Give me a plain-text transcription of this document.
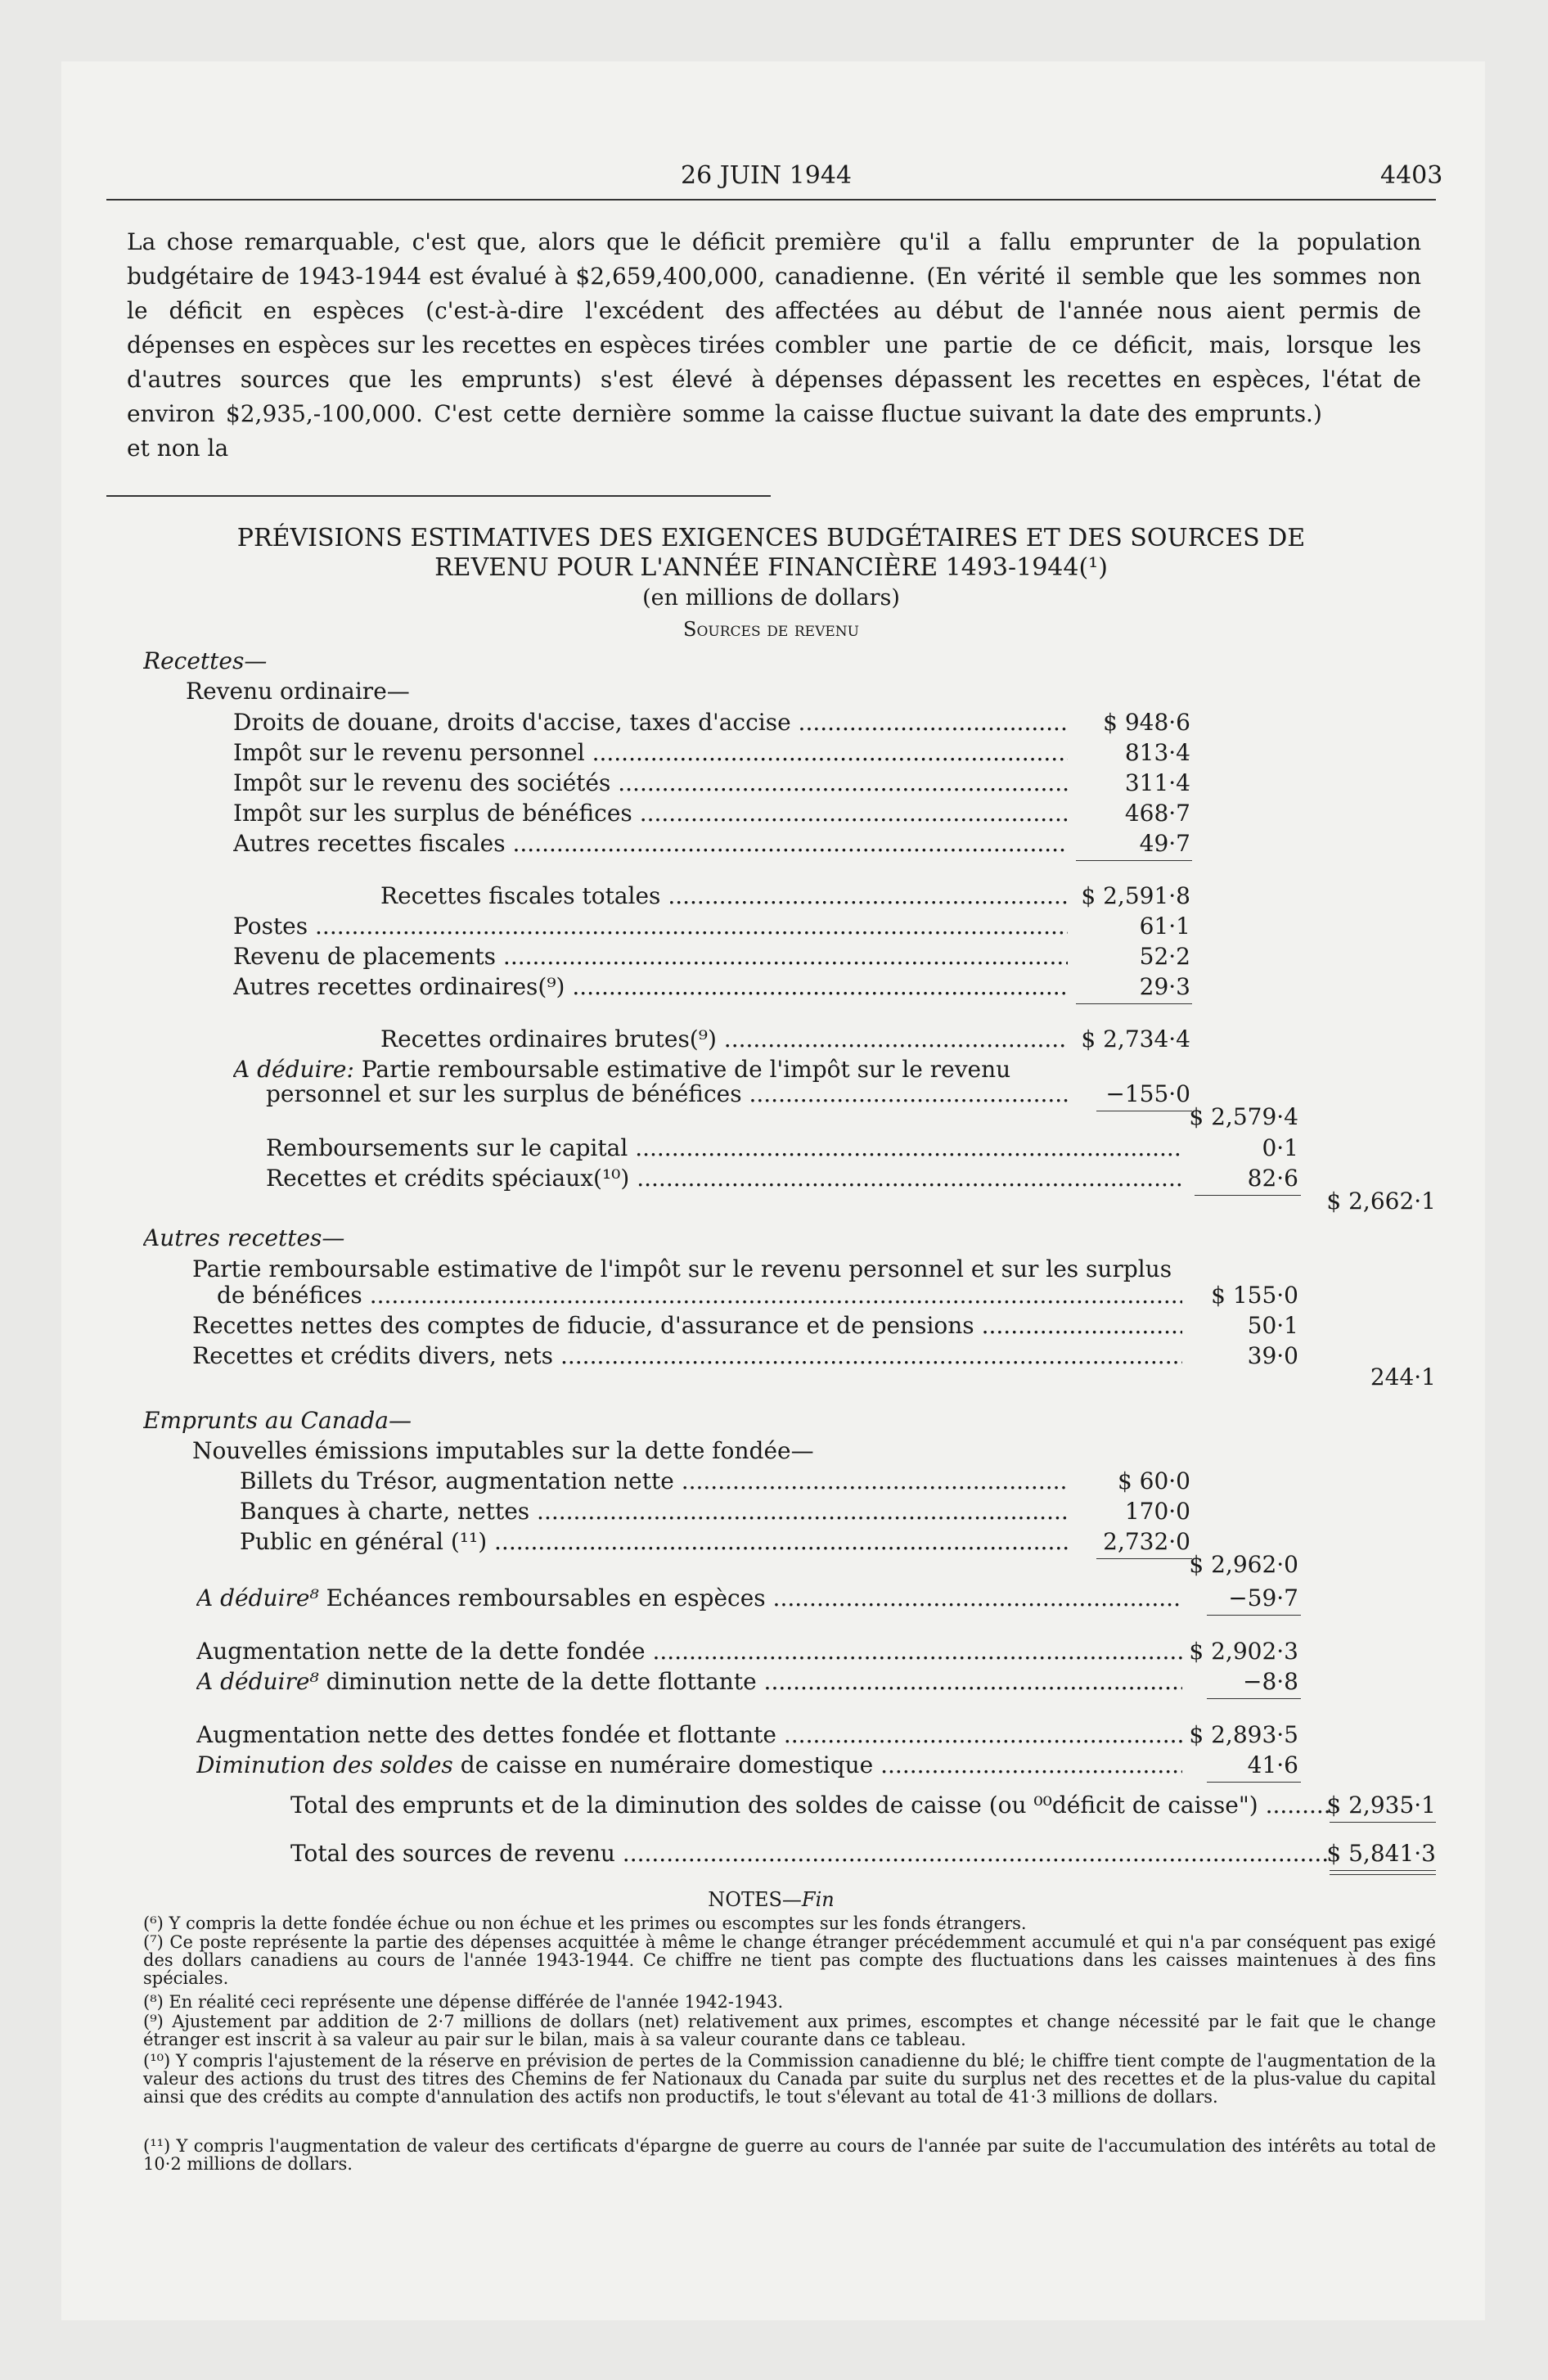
26 JUIN 1944	4403
La chose remarquable, c'est que, alors que le déficit budgétaire de 1943-1944 est évalué à $2,659,400,000, le déficit en espèces (c'est-à-dire l'excédent des dépenses en espèces sur les recettes en espèces tirées d'autres sources que les emprunts) s'est élevé à environ $2,935,-100,000. C'est cette dernière somme et non la
première qu'il a fallu emprunter de la population canadienne. (En vérité il semble que les sommes non affectées au début de l'année nous aient permis de combler une partie de ce déficit, mais, lorsque les dépenses dépassent les recettes en espèces, l'état de la caisse fluctue suivant la date des emprunts.)
PRÉVISIONS ESTIMATIVES DES EXIGENCES BUDGÉTAIRES ET DES SOURCES DE
REVENU POUR L'ANNÉE FINANCIÈRE 1493-1944(¹)
(en millions de dollars)
Sources de revenu
Recettes—
Revenu ordinaire—
Droits de douane, droits d'accise, taxes d'accise .....	$ 948·6
Impôt sur le revenu personnel .....	813·4
Impôt sur le revenu des sociétés .....	311·4
Impôt sur les surplus de bénéfices .....	468·7
Autres recettes fiscales .....	49·7
Recettes fiscales totales .....	$ 2,591·8
Postes .....	61·1
Revenu de placements .....	52·2
Autres recettes ordinaires(⁹) .....	29·3
Recettes ordinaires brutes(⁹) .....	$ 2,734·4
A déduire: Partie remboursable estimative de l'impôt sur le revenu
personnel et sur les surplus de bénéfices .....	−155·0
$ 2,579·4
Remboursements sur le capital .....	0·1
Recettes et crédits spéciaux(¹⁰) .....	82·6
$ 2,662·1
Autres recettes—
Partie remboursable estimative de l'impôt sur le revenu personnel et sur les surplus
de bénéfices .....	$ 155·0
Recettes nettes des comptes de fiducie, d'assurance et de pensions .....	50·1
Recettes et crédits divers, nets .....	39·0
244·1
Emprunts au Canada—
Nouvelles émissions imputables sur la dette fondée—
Billets du Trésor, augmentation nette .....	$ 60·0
Banques à charte, nettes .....	170·0
Public en général (¹¹) .....	2,732·0
$ 2,962·0
A déduire⁸ Echéances remboursables en espèces .....	−59·7
Augmentation nette de la dette fondée .....	$ 2,902·3
A déduire⁸ diminution nette de la dette flottante .....	−8·8
Augmentation nette des dettes fondée et flottante .....	$ 2,893·5
Diminution des soldes de caisse en numéraire domestique .....	41·6
Total des emprunts et de la diminution des soldes de caisse (ou ⁰⁰déficit de caisse") .....	$ 2,935·1
Total des sources de revenu .....	$ 5,841·3
NOTES—Fin
(⁶) Y compris la dette fondée échue ou non échue et les primes ou escomptes sur les fonds étrangers.
(⁷) Ce poste représente la partie des dépenses acquittée à même le change étranger précédemment accumulé et qui n'a par conséquent pas exigé des dollars canadiens au cours de l'année 1943-1944. Ce chiffre ne tient pas compte des fluctuations dans les caisses maintenues à des fins spéciales.
(⁸) En réalité ceci représente une dépense différée de l'année 1942-1943.
(⁹) Ajustement par addition de 2·7 millions de dollars (net) relativement aux primes, escomptes et change nécessité par le fait que le change étranger est inscrit à sa valeur au pair sur le bilan, mais à sa valeur courante dans ce tableau.
(¹⁰) Y compris l'ajustement de la réserve en prévision de pertes de la Commission canadienne du blé; le chiffre tient compte de l'augmentation de la valeur des actions du trust des titres des Chemins de fer Nationaux du Canada par suite du surplus net des recettes et de la plus-value du capital ainsi que des crédits au compte d'annulation des actifs non productifs, le tout s'élevant au total de 41·3 millions de dollars.
(¹¹) Y compris l'augmentation de valeur des certificats d'épargne de guerre au cours de l'année par suite de l'accumulation des intérêts au total de 10·2 millions de dollars.
